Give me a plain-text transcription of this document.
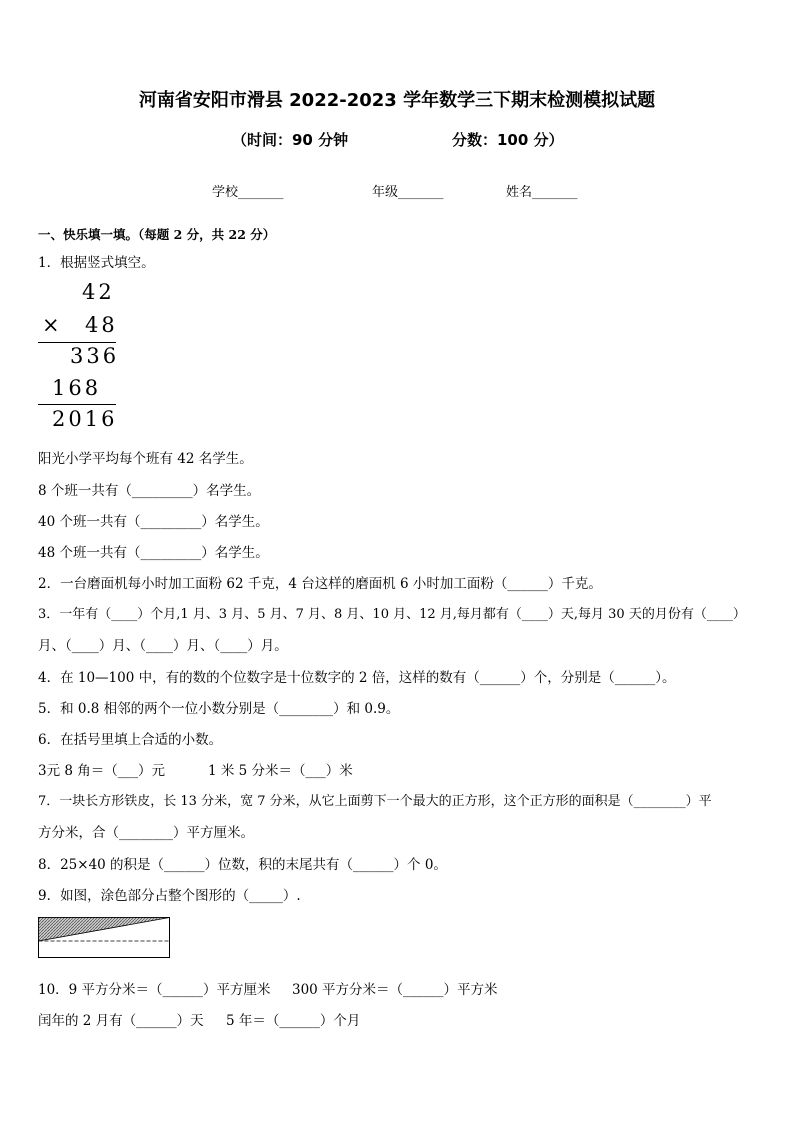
河南省安阳市滑县 2022-2023 学年数学三下期末检测模拟试题
（时间：90 分钟	分数：100 分）
学校_______	年级_______	姓名_______
一、快乐填一填。（每题 2 分，共 22 分）
1．根据竖式填空。
42
× 48
336
168
2016
阳光小学平均每个班有 42 名学生。
8 个班一共有（_________）名学生。
40 个班一共有（_________）名学生。
48 个班一共有（_________）名学生。
2．一台磨面机每小时加工面粉 62 千克，4 台这样的磨面机 6 小时加工面粉（______）千克。
3．一年有（____）个月,1 月、3 月、5 月、7 月、8 月、10 月、12 月,每月都有（____）天,每月 30 天的月份有（____）
月、（____）月、（____）月、（____）月。
4．在 10—100 中，有的数的个位数字是十位数字的 2 倍，这样的数有（______）个，分别是（______）。
5．和 0.8 相邻的两个一位小数分别是（________）和 0.9。
6．在括号里填上合适的小数。
3元 8 角＝（___）元	1 米 5 分米＝（___）米
7．一块长方形铁皮，长 13 分米，宽 7 分米，从它上面剪下一个最大的正方形，这个正方形的面积是（________）平
方分米，合（________）平方厘米。
8．25×40 的积是（______）位数，积的末尾共有（______）个 0。
9．如图，涂色部分占整个图形的（_____）.
10．9 平方分米＝（______）平方厘米 300 平方分米＝（______）平方米
闰年的 2 月有（______）天 5 年＝（______）个月
